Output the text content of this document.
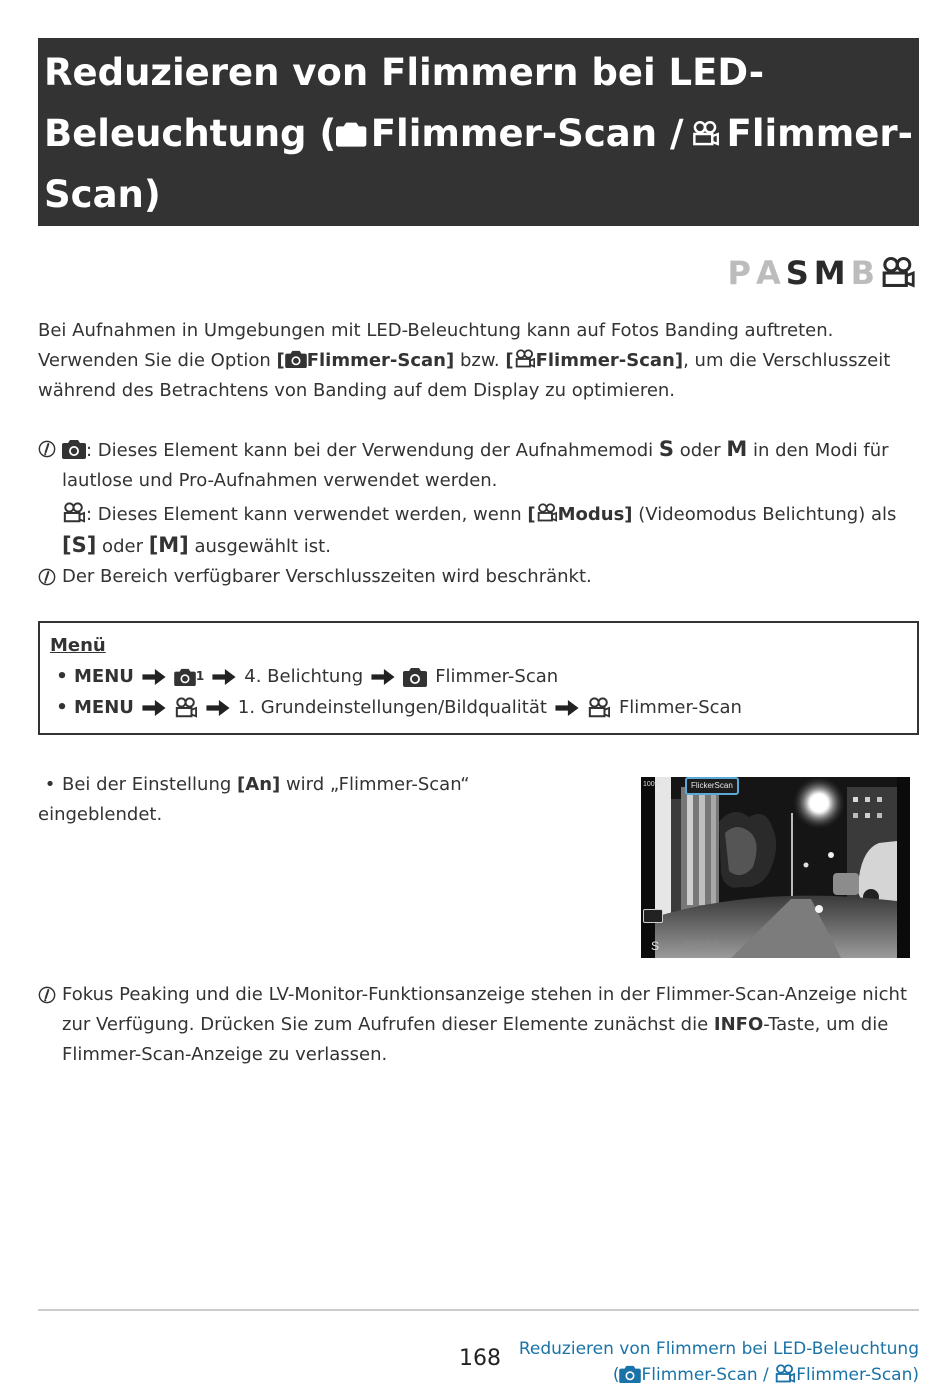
Reduzieren von Flimmern bei LED-
Beleuchtung ( Flimmer-Scan / Flimmer-
Scan)
P A S M B
Bei Aufnahmen in Umgebungen mit LED-Beleuchtung kann auf Fotos Banding auftreten. Verwenden Sie die Option [ Flimmer-Scan] bzw. [ Flimmer-Scan], um die Verschlusszeit während des Betrachtens von Banding auf dem Display zu optimieren.
: Dieses Element kann bei der Verwendung der Aufnahmemodi S oder M in den Modi für lautlose und Pro-Aufnahmen verwendet werden.
: Dieses Element kann verwendet werden, wenn [ Modus] (Videomodus Belichtung) als [S] oder [M] ausgewählt ist.
Der Bereich verfügbarer Verschlusszeiten wird beschränkt.
Menü
• MENU	1 4. Belichtung	Flimmer-Scan
• MENU	1. Grundeinstellungen/Bildqualität	Flimmer-Scan
• Bei der Einstellung [An] wird „Flimmer-Scan“ eingeblendet.
FlickerScan
100%
S 1/250.0
Fokus Peaking und die LV-Monitor-Funktionsanzeige stehen in der Flimmer-Scan-Anzeige nicht zur Verfügung. Drücken Sie zum Aufrufen dieser Elemente zunächst die INFO-Taste, um die Flimmer-Scan-Anzeige zu verlassen.
168 Reduzieren von Flimmern bei LED-Beleuchtung
( Flimmer-Scan / Flimmer-Scan)
